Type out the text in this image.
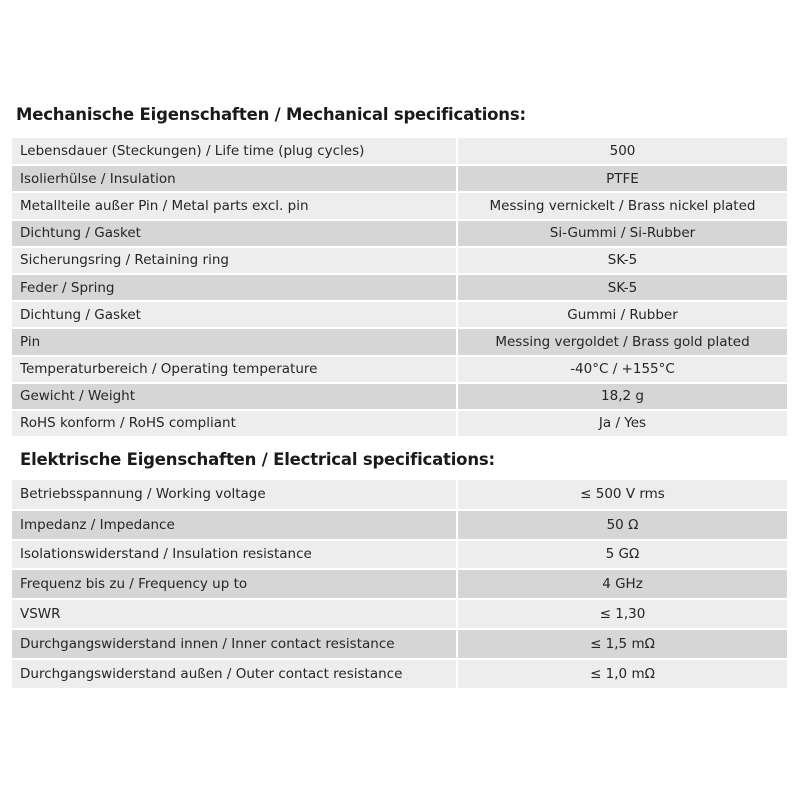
Mechanische Eigenschaften / Mechanical specifications:
Lebensdauer (Steckungen) / Life time (plug cycles)	500
Isolierhülse / Insulation	PTFE
Metallteile außer Pin / Metal parts excl. pin	Messing vernickelt / Brass nickel plated
Dichtung / Gasket	Si-Gummi / Si-Rubber
Sicherungsring / Retaining ring	SK-5
Feder / Spring	SK-5
Dichtung / Gasket	Gummi / Rubber
Pin	Messing vergoldet / Brass gold plated
Temperaturbereich / Operating temperature	-40°C / +155°C
Gewicht / Weight	18,2 g
RoHS konform / RoHS compliant	Ja / Yes
Elektrische Eigenschaften / Electrical specifications:
Betriebsspannung / Working voltage	≤ 500 V rms
Impedanz / Impedance	50 Ω
Isolationswiderstand / Insulation resistance	5 GΩ
Frequenz bis zu / Frequency up to	4 GHz
VSWR	≤ 1,30
Durchgangswiderstand innen / Inner contact resistance	≤ 1,5 mΩ
Durchgangswiderstand außen / Outer contact resistance	≤ 1,0 mΩ
